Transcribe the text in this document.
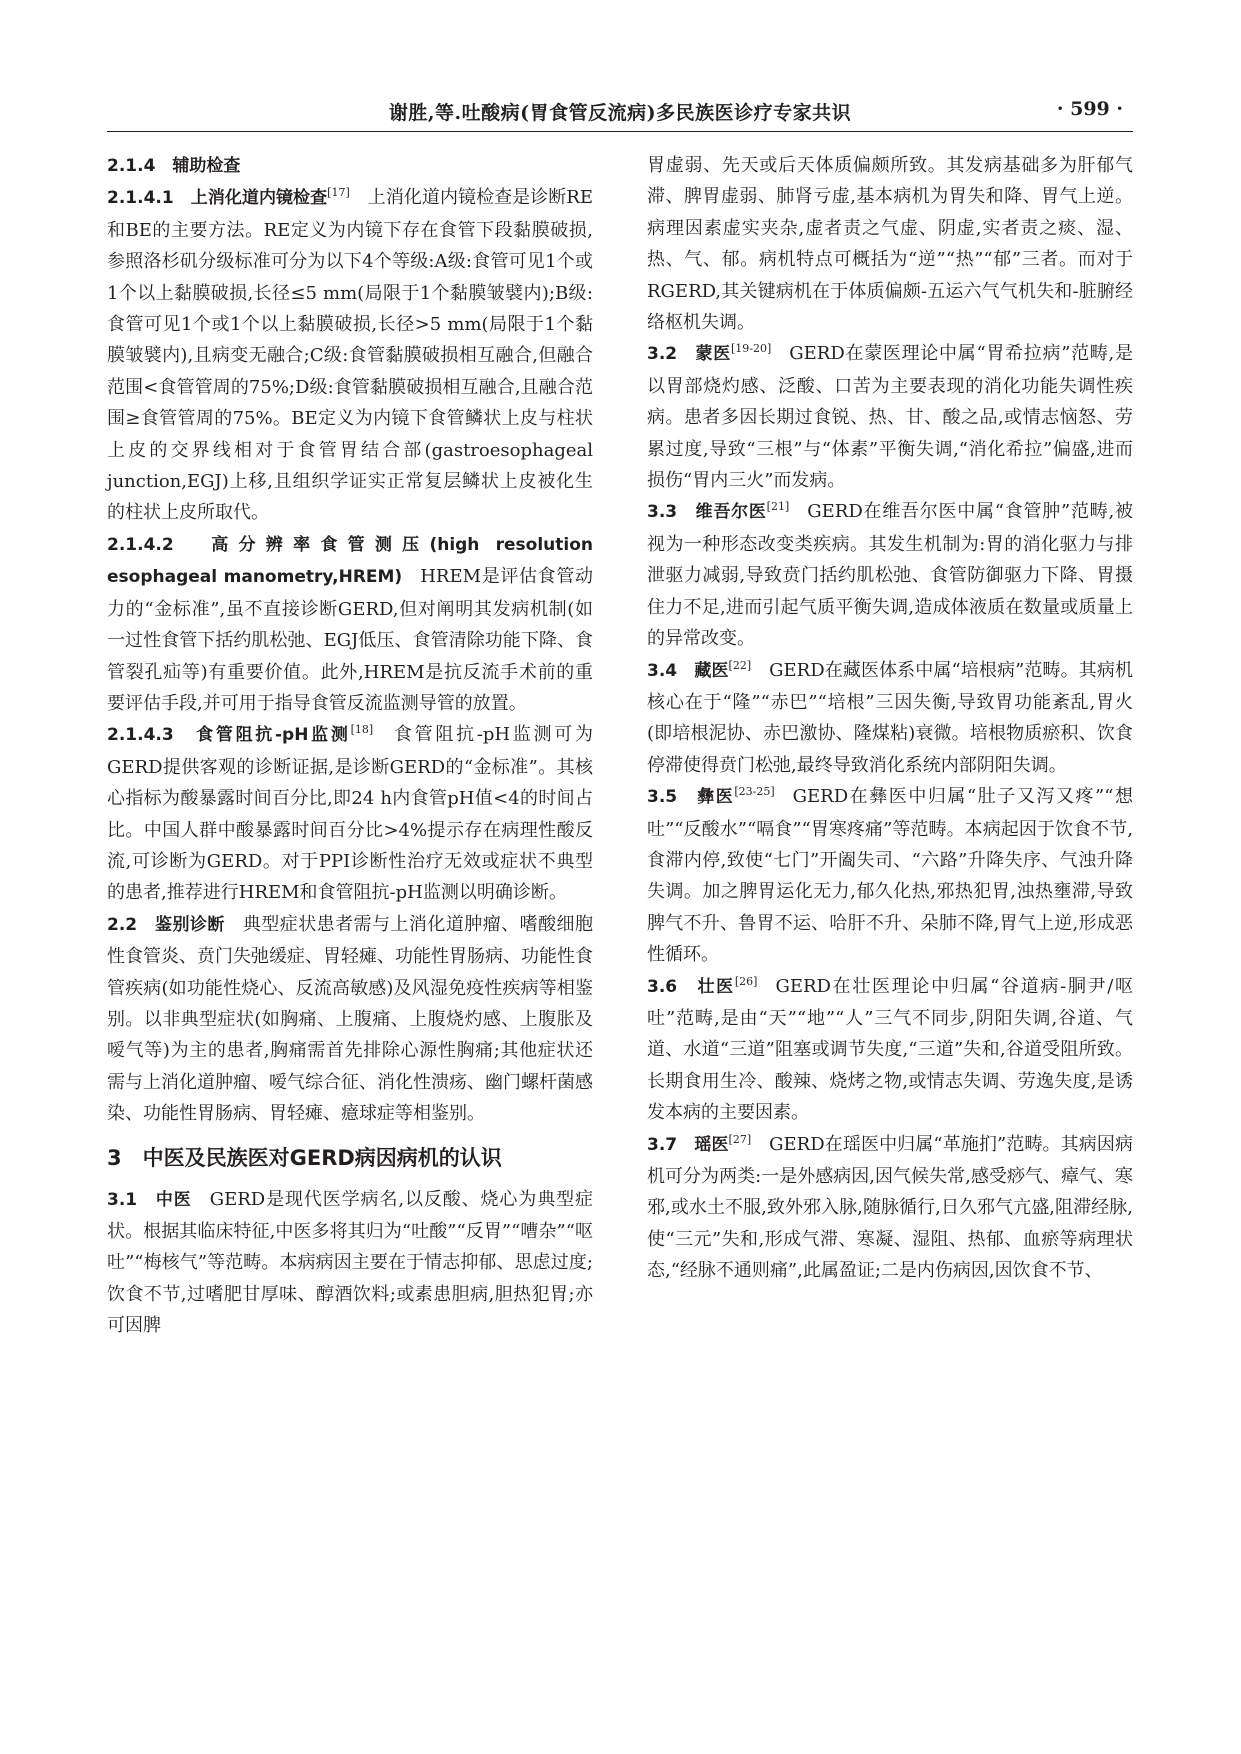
谢胜,等.吐酸病(胃食管反流病)多民族医诊疗专家共识	· 599 ·

2.1.4　辅助检查

2.1.4.1　上消化道内镜检查[17] 上消化道内镜检查是诊断RE和BE的主要方法。RE定义为内镜下存在食管下段黏膜破损,参照洛杉矶分级标准可分为以下4个等级:A级:食管可见1个或1个以上黏膜破损,长径≤5 mm(局限于1个黏膜皱襞内);B级:食管可见1个或1个以上黏膜破损,长径>5 mm(局限于1个黏膜皱襞内),且病变无融合;C级:食管黏膜破损相互融合,但融合范围<食管管周的75%;D级:食管黏膜破损相互融合,且融合范围≥食管管周的75%。BE定义为内镜下食管鳞状上皮与柱状上皮的交界线相对于食管胃结合部(gastroesophageal junction,EGJ)上移,且组织学证实正常复层鳞状上皮被化生的柱状上皮所取代。

2.1.4.2　高分辨率食管测压(high resolution esophageal manometry,HREM) HREM是评估食管动力的“金标准”,虽不直接诊断GERD,但对阐明其发病机制(如一过性食管下括约肌松弛、EGJ低压、食管清除功能下降、食管裂孔疝等)有重要价值。此外,HREM是抗反流手术前的重要评估手段,并可用于指导食管反流监测导管的放置。

2.1.4.3　食管阻抗-pH监测[18] 食管阻抗-pH监测可为GERD提供客观的诊断证据,是诊断GERD的“金标准”。其核心指标为酸暴露时间百分比,即24 h内食管pH值<4的时间占比。中国人群中酸暴露时间百分比>4%提示存在病理性酸反流,可诊断为GERD。对于PPI诊断性治疗无效或症状不典型的患者,推荐进行HREM和食管阻抗-pH监测以明确诊断。

2.2　鉴别诊断 典型症状患者需与上消化道肿瘤、嗜酸细胞性食管炎、贲门失弛缓症、胃轻瘫、功能性胃肠病、功能性食管疾病(如功能性烧心、反流高敏感)及风湿免疫性疾病等相鉴别。以非典型症状(如胸痛、上腹痛、上腹烧灼感、上腹胀及嗳气等)为主的患者,胸痛需首先排除心源性胸痛;其他症状还需与上消化道肿瘤、嗳气综合征、消化性溃疡、幽门螺杆菌感染、功能性胃肠病、胃轻瘫、癔球症等相鉴别。

3　中医及民族医对GERD病因病机的认识

3.1　中医 GERD是现代医学病名,以反酸、烧心为典型症状。根据其临床特征,中医多将其归为“吐酸”“反胃”“嘈杂”“呕吐”“梅核气”等范畴。本病病因主要在于情志抑郁、思虑过度;饮食不节,过嗜肥甘厚味、醇酒饮料;或素患胆病,胆热犯胃;亦可因脾

胃虚弱、先天或后天体质偏颇所致。其发病基础多为肝郁气滞、脾胃虚弱、肺肾亏虚,基本病机为胃失和降、胃气上逆。病理因素虚实夹杂,虚者责之气虚、阴虚,实者责之痰、湿、热、气、郁。病机特点可概括为“逆”“热”“郁”三者。而对于RGERD,其关键病机在于体质偏颇-五运六气气机失和-脏腑经络枢机失调。

3.2　蒙医[19-20] GERD在蒙医理论中属“胃希拉病”范畴,是以胃部烧灼感、泛酸、口苦为主要表现的消化功能失调性疾病。患者多因长期过食锐、热、甘、酸之品,或情志恼怒、劳累过度,导致“三根”与“体素”平衡失调,“消化希拉”偏盛,进而损伤“胃内三火”而发病。

3.3　维吾尔医[21] GERD在维吾尔医中属“食管肿”范畴,被视为一种形态改变类疾病。其发生机制为:胃的消化驱力与排泄驱力减弱,导致贲门括约肌松弛、食管防御驱力下降、胃摄住力不足,进而引起气质平衡失调,造成体液质在数量或质量上的异常改变。

3.4　藏医[22] GERD在藏医体系中属“培根病”范畴。其病机核心在于“隆”“赤巴”“培根”三因失衡,导致胃功能紊乱,胃火(即培根泥协、赤巴激协、隆煤粘)衰微。培根物质瘀积、饮食停滞使得贲门松弛,最终导致消化系统内部阴阳失调。

3.5　彝医[23-25] GERD在彝医中归属“肚子又泻又疼”“想吐”“反酸水”“嗝食”“胃寒疼痛”等范畴。本病起因于饮食不节,食滞内停,致使“七门”开阖失司、“六路”升降失序、气浊升降失调。加之脾胃运化无力,郁久化热,邪热犯胃,浊热壅滞,导致脾气不升、鲁胃不运、哈肝不升、朵肺不降,胃气上逆,形成恶性循环。

3.6　壮医[26] GERD在壮医理论中归属“谷道病-胴尹/呕吐”范畴,是由“天”“地”“人”三气不同步,阴阳失调,谷道、气道、水道“三道”阻塞或调节失度,“三道”失和,谷道受阻所致。长期食用生冷、酸辣、烧烤之物,或情志失调、劳逸失度,是诱发本病的主要因素。

3.7　瑶医[27] GERD在瑶医中归属“革施扪”范畴。其病因病机可分为两类:一是外感病因,因气候失常,感受痧气、瘴气、寒邪,或水土不服,致外邪入脉,随脉循行,日久邪气亢盛,阻滞经脉,使“三元”失和,形成气滞、寒凝、湿阻、热郁、血瘀等病理状态,“经脉不通则痛”,此属盈证;二是内伤病因,因饮食不节、
